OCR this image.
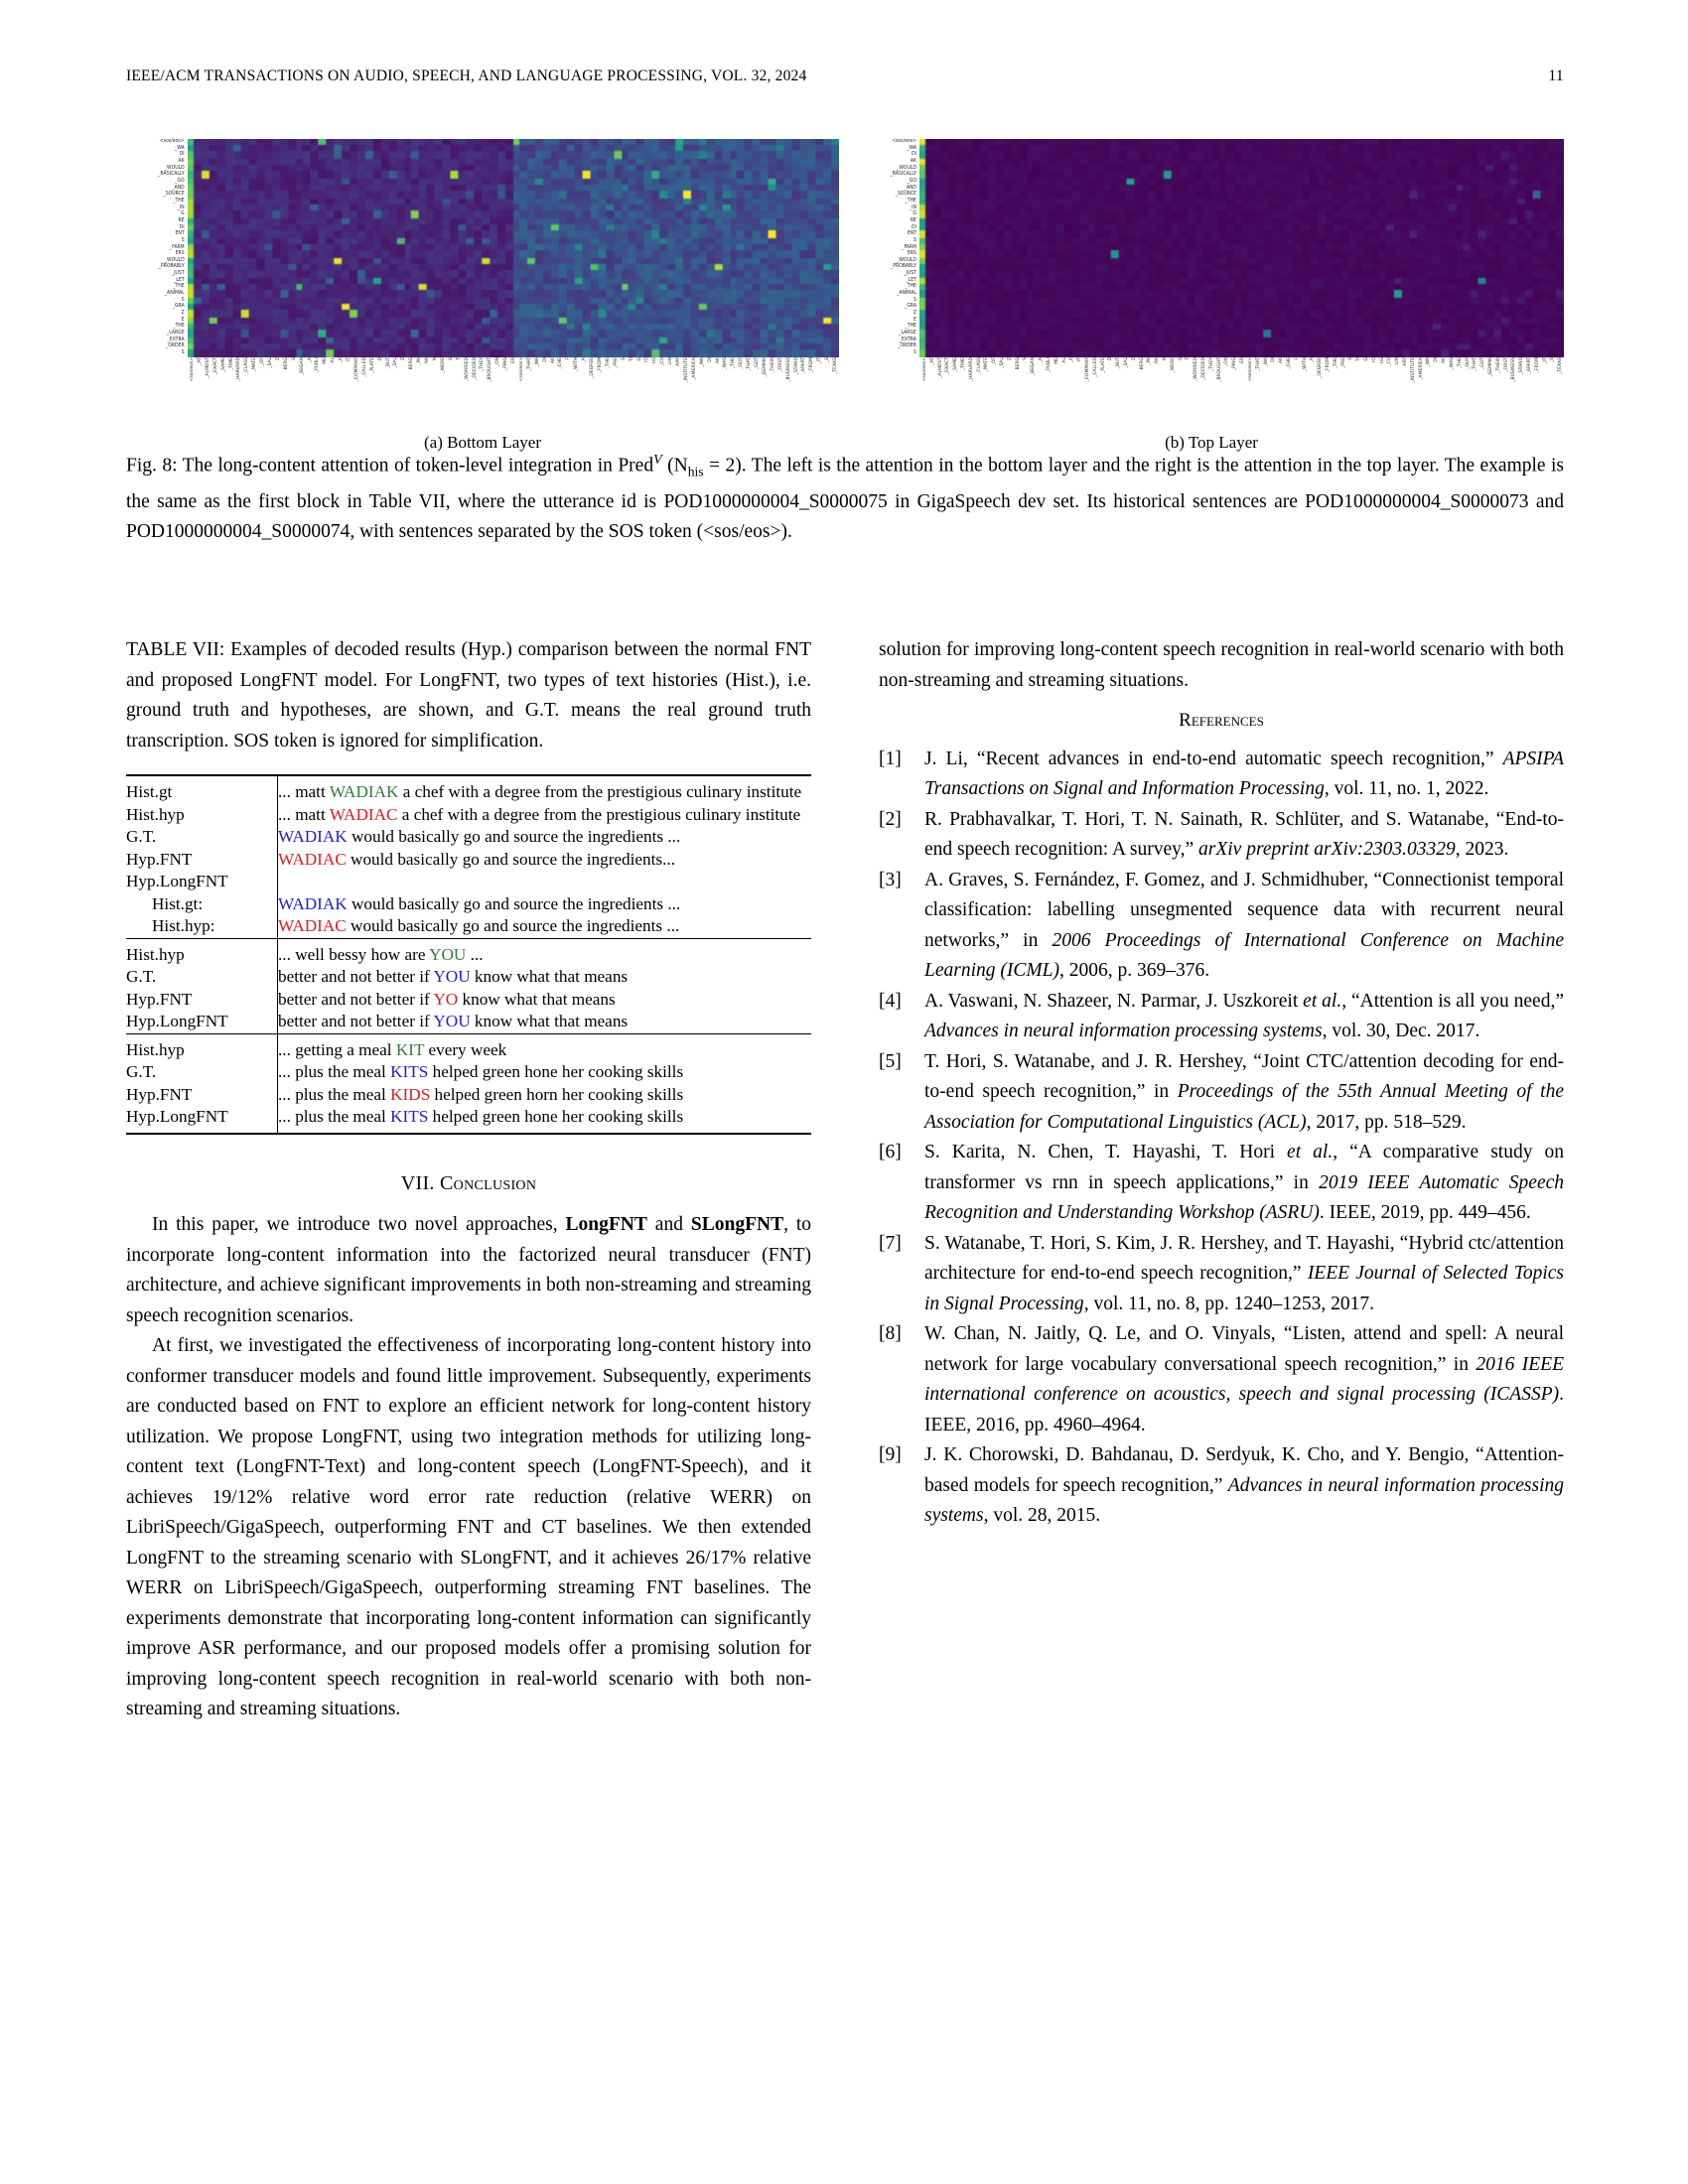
IEEE/ACM TRANSACTIONS ON AUDIO, SPEECH, AND LANGUAGE PROCESSING, VOL. 32, 2024	11
<sos/eos>
_WA
DI
AK
_WOULD
_BASICALLY
_GO
_AND
_SOURCE
_THE
_IN
G
RE
DI
ENT
S
_FARM
ERS
_WOULD
_PROBABLY
_JUST
_LET
_THE
_ANIMAL
S
_GRA
Z
E
_THE
_LARGE
_EXTRA
_ORDER
S
<sos/eos> _AT _ALMOST _EXACT _SAME _TIME _HARVARD _CLASS _MATE _OF _SAL Z BERG S _BEGAN _A _PUBLI ME AL _K IT _COMPANY _CALLED _PLATE D _BUT _SAL Z BERG _PA RA N _WERE S T _WORRIED _DECIDED _THEY _BROUGHT _ON _PING ER <sos/eos> _THAT _WA DI AK _CHE F _WITH _A _DEGREE _FROM _THE _PRE S TI G IO US _CU LIN ARY _INSTITUTE _AMERICA _WA DI AK _WAS _THE _GUY _THAT _GOT _GEMMA _THEIR _FIRST _BUSINESS _STAND _APART _FROM _IT _S _TEXAS
(a) Bottom Layer
<sos/eos>
_WA
DI
AK
_WOULD
_BASICALLY
_GO
_AND
_SOURCE
_THE
_IN
G
RE
DI
ENT
S
_FARM
ERS
_WOULD
_PROBABLY
_JUST
_LET
_THE
_ANIMAL
S
_GRA
Z
E
_THE
_LARGE
_EXTRA
_ORDER
S
<sos/eos> _AT _ALMOST _EXACT _SAME _TIME _HARVARD _CLASS _MATE _OF _SAL Z BERG S _BEGAN _A _PUBLI ME AL _K IT _COMPANY _CALLED _PLATE D _BUT _SAL Z BERG _PA RA N _WERE S T _WORRIED _DECIDED _THEY _BROUGHT _ON _PING ER <sos/eos> _THAT _WA DI AK _CHE F _WITH _A _DEGREE _FROM _THE _PRE S TI G IO US _CU LIN ARY _INSTITUTE _AMERICA _WA DI AK _WAS _THE _GUY _THAT _GOT _GEMMA _THEIR _FIRST _BUSINESS _STAND _APART _FROM _IT _S _TEXAS
(b) Top Layer
Fig. 8: The long-content attention of token-level integration in Pred$^V$ $(N_{his} = 2)$. The left is the attention in the bottom layer and the right is the attention in the top layer. The example is the same as the first block in Table VII, where the utterance id is POD1000000004_S0000075 in GigaSpeech dev set. Its historical sentences are POD1000000004_S0000073 and POD1000000004_S0000074, with sentences separated by the SOS token (<sos/eos>).
TABLE VII: Examples of decoded results (Hyp.) comparison between the normal FNT and proposed LongFNT model. For LongFNT, two types of text histories (Hist.), i.e. ground truth and hypotheses, are shown, and G.T. means the real ground truth transcription. SOS token is ignored for simplification.
Hist.gt	... matt WADIAK a chef with a degree from the prestigious culinary institute
Hist.hyp	... matt WADIAC a chef with a degree from the prestigious culinary institute
G.T.	WADIAK would basically go and source the ingredients ...
Hyp.FNT	WADIAC would basically go and source the ingredients...
Hyp.LongFNT	
Hist.gt:	WADIAK would basically go and source the ingredients ...
Hist.hyp:	WADIAC would basically go and source the ingredients ...
Hist.hyp	... well bessy how are YOU ...
G.T.	better and not better if YOU know what that means
Hyp.FNT	better and not better if YO know what that means
Hyp.LongFNT	better and not better if YOU know what that means
Hist.hyp	... getting a meal KIT every week
G.T.	... plus the meal KITS helped green hone her cooking skills
Hyp.FNT	... plus the meal KIDS helped green horn her cooking skills
Hyp.LongFNT	... plus the meal KITS helped green hone her cooking skills
VII. Conclusion

In this paper, we introduce two novel approaches, LongFNT and SLongFNT, to incorporate long-content information into the factorized neural transducer (FNT) architecture, and achieve significant improvements in both non-streaming and streaming speech recognition scenarios.

At first, we investigated the effectiveness of incorporating long-content history into conformer transducer models and found little improvement. Subsequently, experiments are conducted based on FNT to explore an efficient network for long-content history utilization. We propose LongFNT, using two integration methods for utilizing long-content text (LongFNT-Text) and long-content speech (LongFNT-Speech), and it achieves 19/12% relative word error rate reduction (relative WERR) on LibriSpeech/GigaSpeech, outperforming FNT and CT baselines. We then extended LongFNT to the streaming scenario with SLongFNT, and it achieves 26/17% relative WERR on LibriSpeech/GigaSpeech, outperforming streaming FNT baselines. The experiments demonstrate that incorporating long-content information can significantly improve ASR performance, and our proposed models offer a promising solution for improving long-content speech recognition in real-world scenario with both non-streaming and streaming situations.

solution for improving long-content speech recognition in real-world scenario with both non-streaming and streaming situations.

References
[1]	J. Li, “Recent advances in end-to-end automatic speech recognition,” APSIPA Transactions on Signal and Information Processing, vol. 11, no. 1, 2022.
[2]	R. Prabhavalkar, T. Hori, T. N. Sainath, R. Schlüter, and S. Watanabe, “End-to-end speech recognition: A survey,” arXiv preprint arXiv:2303.03329, 2023.
[3]	A. Graves, S. Fernández, F. Gomez, and J. Schmidhuber, “Connectionist temporal classification: labelling unsegmented sequence data with recurrent neural networks,” in 2006 Proceedings of International Conference on Machine Learning (ICML), 2006, p. 369–376.
[4]	A. Vaswani, N. Shazeer, N. Parmar, J. Uszkoreit et al., “Attention is all you need,” Advances in neural information processing systems, vol. 30, Dec. 2017.
[5]	T. Hori, S. Watanabe, and J. R. Hershey, “Joint CTC/attention decoding for end-to-end speech recognition,” in Proceedings of the 55th Annual Meeting of the Association for Computational Linguistics (ACL), 2017, pp. 518–529.
[6]	S. Karita, N. Chen, T. Hayashi, T. Hori et al., “A comparative study on transformer vs rnn in speech applications,” in 2019 IEEE Automatic Speech Recognition and Understanding Workshop (ASRU). IEEE, 2019, pp. 449–456.
[7]	S. Watanabe, T. Hori, S. Kim, J. R. Hershey, and T. Hayashi, “Hybrid ctc/attention architecture for end-to-end speech recognition,” IEEE Journal of Selected Topics in Signal Processing, vol. 11, no. 8, pp. 1240–1253, 2017.
[8]	W. Chan, N. Jaitly, Q. Le, and O. Vinyals, “Listen, attend and spell: A neural network for large vocabulary conversational speech recognition,” in 2016 IEEE international conference on acoustics, speech and signal processing (ICASSP). IEEE, 2016, pp. 4960–4964.
[9]	J. K. Chorowski, D. Bahdanau, D. Serdyuk, K. Cho, and Y. Bengio, “Attention-based models for speech recognition,” Advances in neural information processing systems, vol. 28, 2015.
